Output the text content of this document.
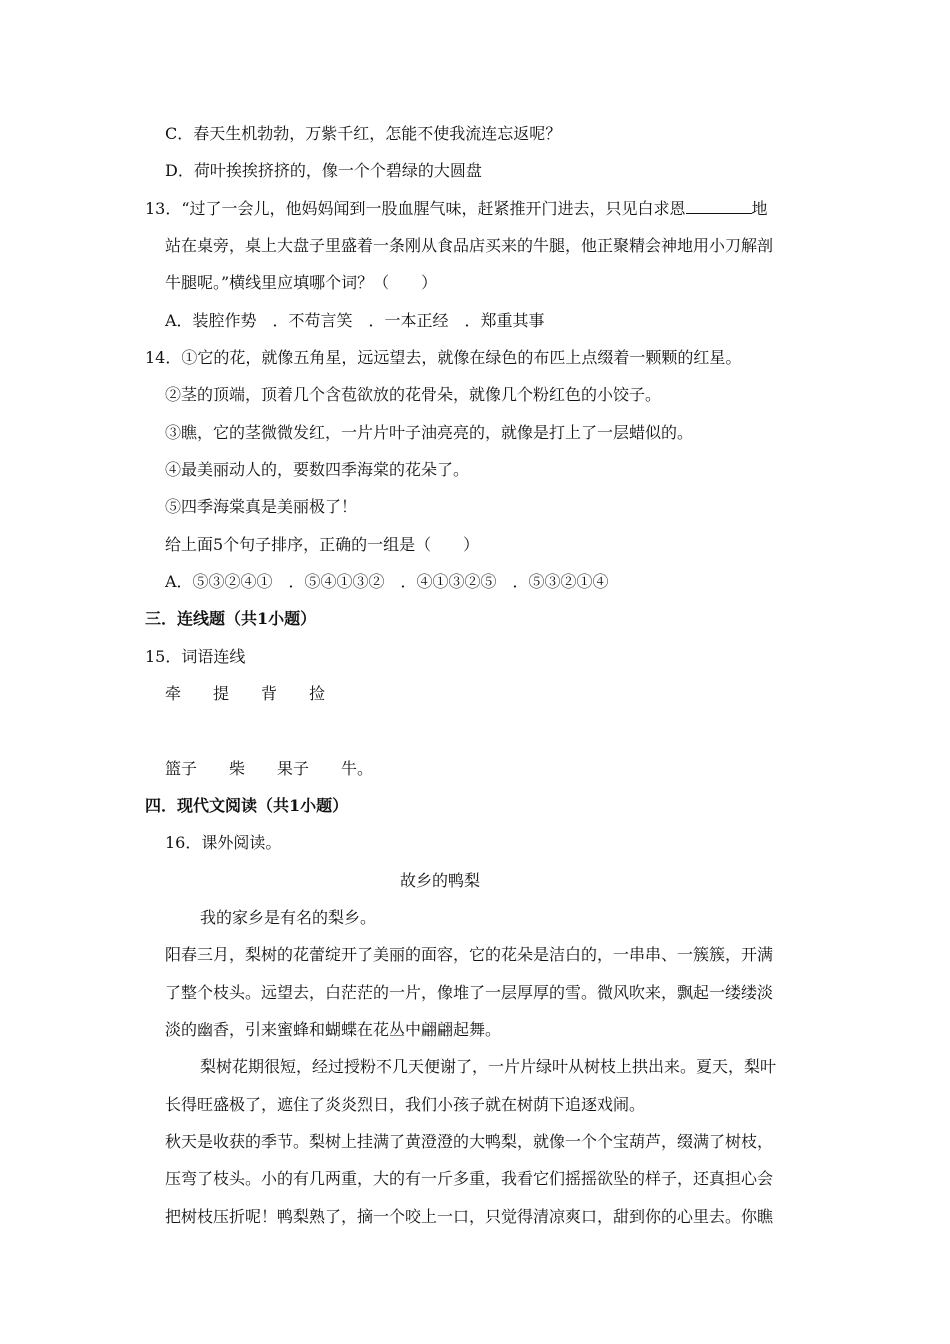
C．春天生机勃勃，万紫千红，怎能不使我流连忘返呢？
D．荷叶挨挨挤挤的，像一个个碧绿的大圆盘
13．“过了一会儿，他妈妈闻到一股血腥气味，赶紧推开门进去，只见白求恩	地
站在桌旁，桌上大盘子里盛着一条刚从食品店买来的牛腿，他正聚精会神地用小刀解剖
牛腿呢。”横线里应填哪个词？（　　）
A．装腔作势　．不苟言笑　．一本正经　．郑重其事
14．①它的花，就像五角星，远远望去，就像在绿色的布匹上点缀着一颗颗的红星。
②茎的顶端，顶着几个含苞欲放的花骨朵，就像几个粉红色的小饺子。
③瞧，它的茎微微发红，一片片叶子油亮亮的，就像是打上了一层蜡似的。
④最美丽动人的，要数四季海棠的花朵了。
⑤四季海棠真是美丽极了！
给上面5个句子排序，正确的一组是（　　）
A．⑤③②④①　．⑤④①③②　．④①③②⑤　．⑤③②①④
三．连线题（共1小题）
15．词语连线
牵　　提　　背　　捡
篮子　　柴　　果子　　牛。
四．现代文阅读（共1小题）
16．课外阅读。
故乡的鸭梨
我的家乡是有名的梨乡。
阳春三月，梨树的花蕾绽开了美丽的面容，它的花朵是洁白的，一串串、一簇簇，开满
了整个枝头。远望去，白茫茫的一片，像堆了一层厚厚的雪。微风吹来，飘起一缕缕淡
淡的幽香，引来蜜蜂和蝴蝶在花丛中翩翩起舞。
梨树花期很短，经过授粉不几天便谢了，一片片绿叶从树枝上拱出来。夏天，梨叶
长得旺盛极了，遮住了炎炎烈日，我们小孩子就在树荫下追逐戏闹。
秋天是收获的季节。梨树上挂满了黄澄澄的大鸭梨，就像一个个宝葫芦，缀满了树枝，
压弯了枝头。小的有几两重，大的有一斤多重，我看它们摇摇欲坠的样子，还真担心会
把树枝压折呢！鸭梨熟了，摘一个咬上一口，只觉得清凉爽口，甜到你的心里去。你瞧
